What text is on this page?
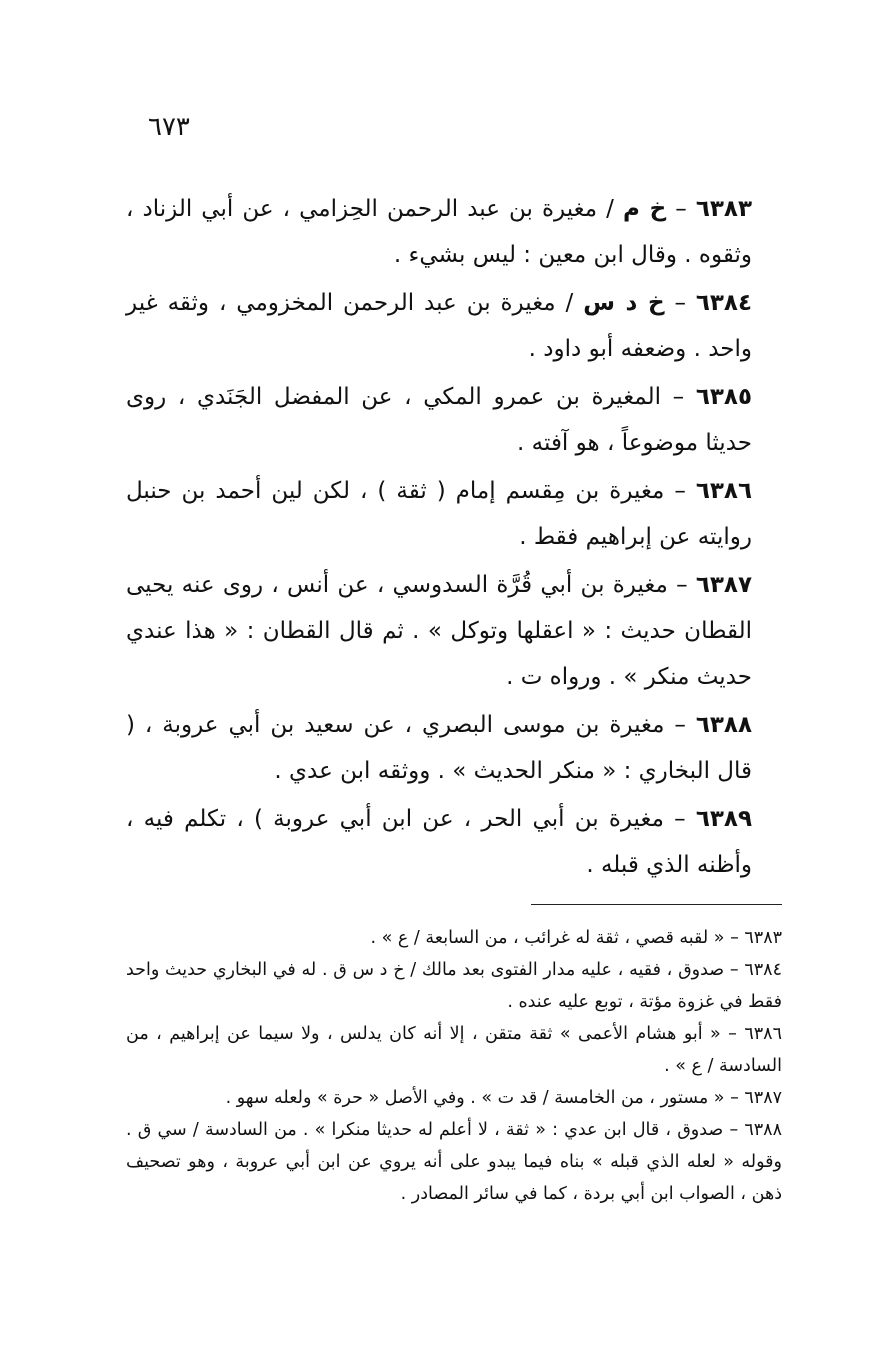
٦٧٣

٦٣٨٣ – خ م / مغيرة بن عبد الرحمن الحِزامي ، عن أبي الزناد ، وثقوه . وقال ابن معين : ليس بشيء .

٦٣٨٤ – خ د س / مغيرة بن عبد الرحمن المخزومي ، وثقه غير واحد . وضعفه أبو داود .

٦٣٨٥ – المغيرة بن عمرو المكي ، عن المفضل الجَنَدي ، روى حديثا موضوعاً ، هو آفته .

٦٣٨٦ – مغيرة بن مِقسم إمام ( ثقة ) ، لكن لين أحمد بن حنبل روايته عن إبراهيم فقط .

٦٣٨٧ – مغيرة بن أبي قُرَّة السدوسي ، عن أنس ، روى عنه يحيى القطان حديث : « اعقلها وتوكل » . ثم قال القطان : « هذا عندي حديث منكر » . ورواه ت .

٦٣٨٨ – مغيرة بن موسى البصري ، عن سعيد بن أبي عروبة ، ( قال البخاري : « منكر الحديث » . ووثقه ابن عدي .

٦٣٨٩ – مغيرة بن أبي الحر ، عن ابن أبي عروبة ) ، تكلم فيه ، وأظنه الذي قبله .

٦٣٨٣ – « لقبه قصي ، ثقة له غرائب ، من السابعة / ع » .

٦٣٨٤ – صدوق ، فقيه ، عليه مدار الفتوى بعد مالك / خ د س ق . له في البخاري حديث واحد فقط في غزوة مؤتة ، توبع عليه عنده .

٦٣٨٦ – « أبو هشام الأعمى » ثقة متقن ، إلا أنه كان يدلس ، ولا سيما عن إبراهيم ، من السادسة / ع » .

٦٣٨٧ – « مستور ، من الخامسة / قد ت » . وفي الأصل « حرة » ولعله سهو .

٦٣٨٨ – صدوق ، قال ابن عدي : « ثقة ، لا أعلم له حديثا منكرا » . من السادسة / سي ق . وقوله « لعله الذي قبله » بناه فيما يبدو على أنه يروي عن ابن أبي عروبة ، وهو تصحيف ذهن ، الصواب ابن أبي بردة ، كما في سائر المصادر .
